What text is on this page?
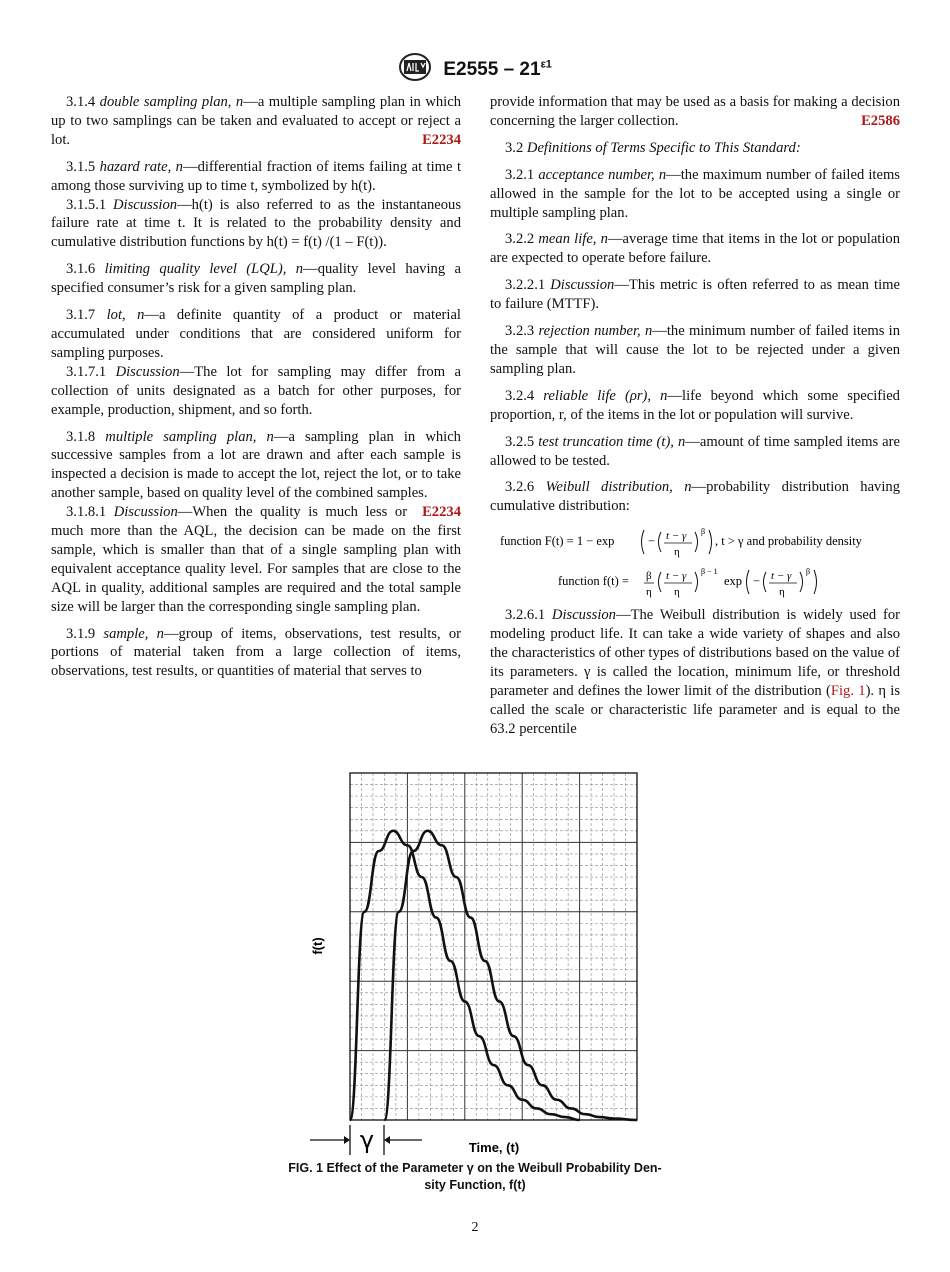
$E2555 - 21^{\varepsilon 1}$

3.1.4 double sampling plan, n—a multiple sampling plan in which up to two samplings can be taken and evaluated to accept or reject a lot.	E2234

3.1.5 hazard rate, n—differential fraction of items failing at time t among those surviving up to time t, symbolized by h(t).

3.1.5.1 Discussion—h(t) is also referred to as the instantaneous failure rate at time t. It is related to the probability density and cumulative distribution functions by h(t) = f(t) /(1 – F(t)).

3.1.6 limiting quality level (LQL), n—quality level having a specified consumer’s risk for a given sampling plan.

3.1.7 lot, n—a definite quantity of a product or material accumulated under conditions that are considered uniform for sampling purposes.

3.1.7.1 Discussion—The lot for sampling may differ from a collection of units designated as a batch for other purposes, for example, production, shipment, and so forth.

3.1.8 multiple sampling plan, n—a sampling plan in which successive samples from a lot are drawn and after each sample is inspected a decision is made to accept the lot, reject the lot, or to take another sample, based on quality level of the combined samples.
E2234

3.1.8.1 Discussion—When the quality is much less or much more than the AQL, the decision can be made on the first sample, which is smaller than that of a single sampling plan with equivalent acceptance quality level. For samples that are close to the AQL in quality, additional samples are required and the total sample size will be larger than the corresponding single sampling plan.

3.1.9 sample, n—group of items, observations, test results, or portions of material taken from a large collection of items, observations, test results, or quantities of material that serves to

provide information that may be used as a basis for making a decision concerning the larger collection.	E2586

3.2 Definitions of Terms Specific to This Standard:

3.2.1 acceptance number, n—the maximum number of failed items allowed in the sample for the lot to be accepted using a single or multiple sampling plan.

3.2.2 mean life, n—average time that items in the lot or population are expected to operate before failure.

3.2.2.1 Discussion—This metric is often referred to as mean time to failure (MTTF).

3.2.3 rejection number, n—the minimum number of failed items in the sample that will cause the lot to be rejected under a given sampling plan.

3.2.4 reliable life (ρr), n—life beyond which some specified proportion, r, of the items in the lot or population will survive.

3.2.5 test truncation time (t), n—amount of time sampled items are allowed to be tested.

3.2.6 Weibull distribution, n—probability distribution having cumulative distribution:

function F(t) = 1 − exp	− t − γ
η
β
, t > γ and probability density
function f(t) = β
η
t − γ
η
β − 1
exp − t − γ
η
β

3.2.6.1 Discussion—The Weibull distribution is widely used for modeling product life. It can take a wide variety of shapes and also the characteristics of other types of distributions based on the value of its parameters. γ is called the location, minimum life, or threshold parameter and defines the lower limit of the distribution (Fig. 1). η is called the scale or characteristic life parameter and is equal to the 63.2 percentile

f(t)
Time, (t)
γ
FIG. 1 Effect of the Parameter γ on the Weibull Probability Den-
sity Function, f(t)
2
